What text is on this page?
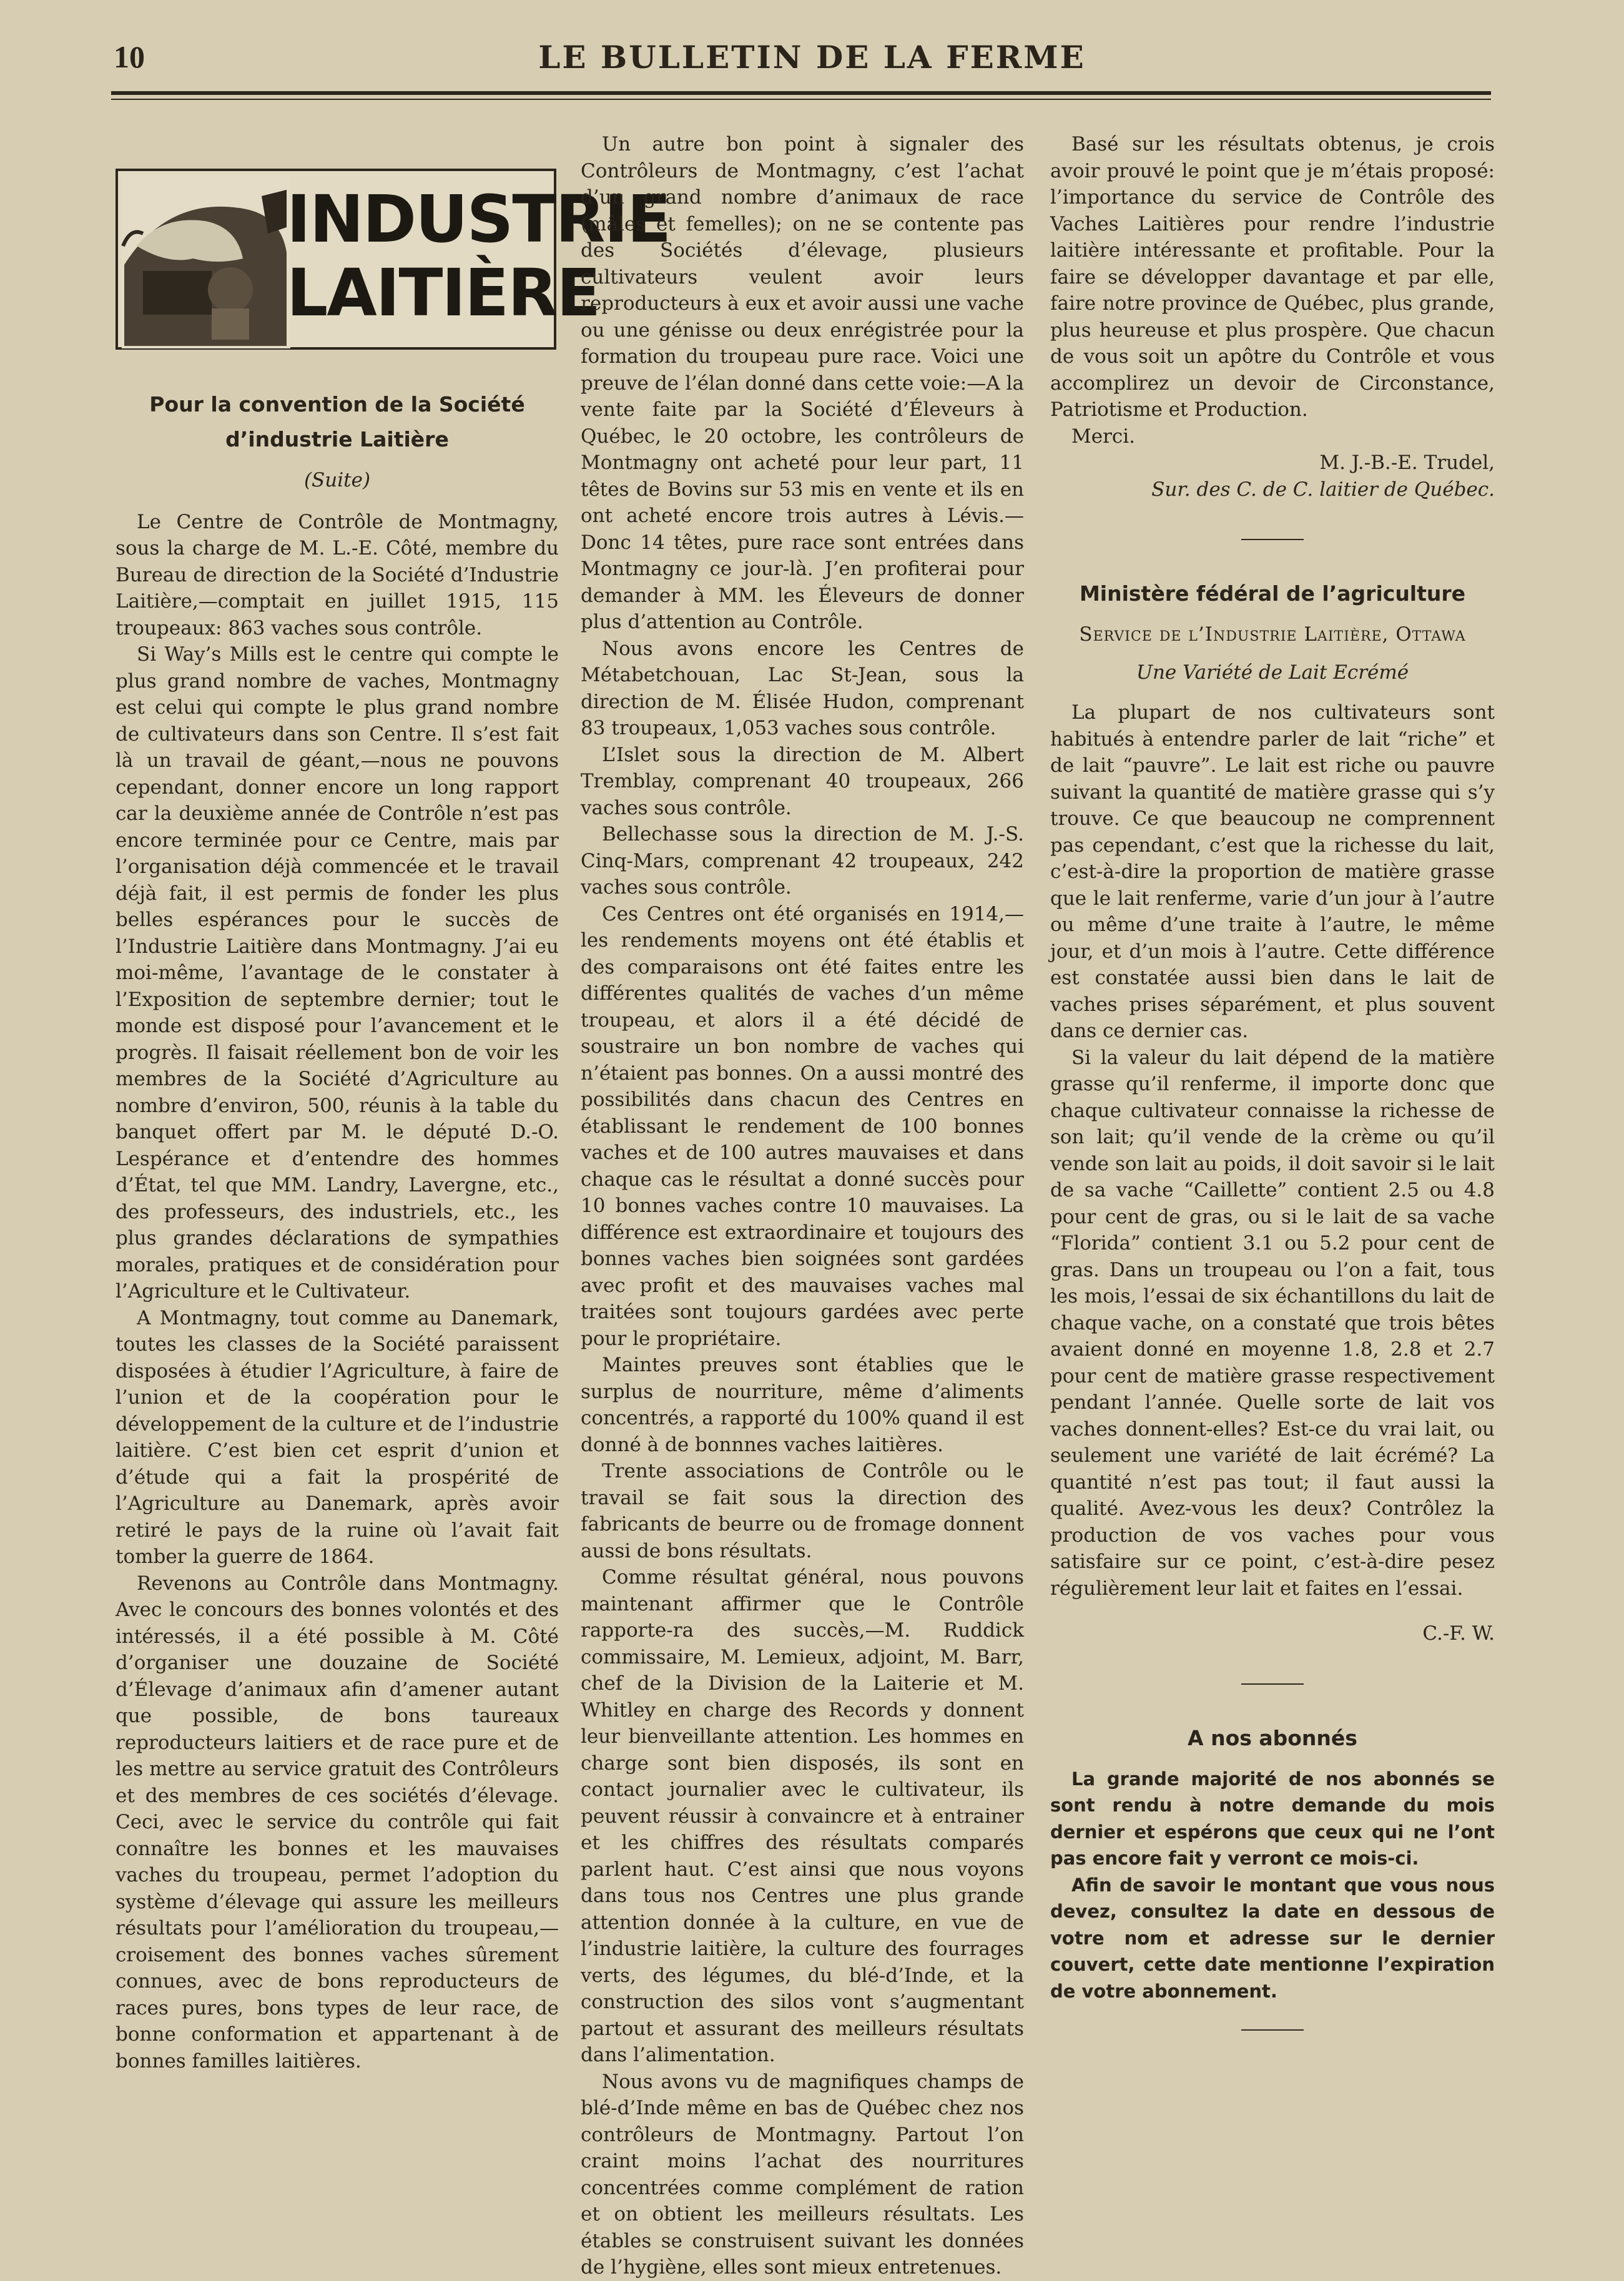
10	LE BULLETIN DE LA FERME
INDUSTRIE
LAITIÈRE
Pour la convention de la Société d’industrie Laitière
(Suite)

Le Centre de Contrôle de Montmagny, sous la charge de M. L.-E. Côté, membre du Bureau de direction de la Société d’Industrie Laitière,—comptait en juillet 1915, 115 troupeaux: 863 vaches sous contrôle.

Si Way’s Mills est le centre qui compte le plus grand nombre de vaches, Montmagny est celui qui compte le plus grand nombre de cultivateurs dans son Centre. Il s’est fait là un travail de géant,—nous ne pouvons cependant, donner encore un long rapport car la deuxième année de Contrôle n’est pas encore terminée pour ce Centre, mais par l’organisation déjà commencée et le travail déjà fait, il est permis de fonder les plus belles espérances pour le succès de l’Industrie Laitière dans Montmagny. J’ai eu moi-même, l’avantage de le constater à l’Exposition de septembre dernier; tout le monde est disposé pour l’avancement et le progrès. Il faisait réellement bon de voir les membres de la Société d’Agriculture au nombre d’environ, 500, réunis à la table du banquet offert par M. le député D.-O. Lespérance et d’entendre des hommes d’État, tel que MM. Landry, Lavergne, etc., des professeurs, des industriels, etc., les plus grandes déclarations de sympathies morales, pratiques et de considération pour l’Agriculture et le Cultivateur.

A Montmagny, tout comme au Danemark, toutes les classes de la Société paraissent disposées à étudier l’Agriculture, à faire de l’union et de la coopération pour le développement de la culture et de l’industrie laitière. C’est bien cet esprit d’union et d’étude qui a fait la prospérité de l’Agriculture au Danemark, après avoir retiré le pays de la ruine où l’avait fait tomber la guerre de 1864.

Revenons au Contrôle dans Montmagny. Avec le concours des bonnes volontés et des intéressés, il a été possible à M. Côté d’organiser une douzaine de Société d’Élevage d’animaux afin d’amener autant que possible, de bons taureaux reproducteurs laitiers et de race pure et de les mettre au service gratuit des Contrôleurs et des membres de ces sociétés d’élevage. Ceci, avec le service du contrôle qui fait connaître les bonnes et les mauvaises vaches du troupeau, permet l’adoption du système d’élevage qui assure les meilleurs résultats pour l’amélioration du troupeau,—croisement des bonnes vaches sûrement connues, avec de bons reproducteurs de races pures, bons types de leur race, de bonne conformation et appartenant à de bonnes familles laitières.

Un autre bon point à signaler des Contrôleurs de Montmagny, c’est l’achat d’un grand nombre d’animaux de race (mâles et femelles); on ne se contente pas des Sociétés d’élevage, plusieurs cultivateurs veulent avoir leurs reproducteurs à eux et avoir aussi une vache ou une génisse ou deux enrégistrée pour la formation du troupeau pure race. Voici une preuve de l’élan donné dans cette voie:—A la vente faite par la Société d’Éleveurs à Québec, le 20 octobre, les contrôleurs de Montmagny ont acheté pour leur part, 11 têtes de Bovins sur 53 mis en vente et ils en ont acheté encore trois autres à Lévis.—Donc 14 têtes, pure race sont entrées dans Montmagny ce jour-là. J’en profiterai pour demander à MM. les Éleveurs de donner plus d’attention au Contrôle.

Nous avons encore les Centres de Métabetchouan, Lac St-Jean, sous la direction de M. Élisée Hudon, comprenant 83 troupeaux, 1,053 vaches sous contrôle.

L’Islet sous la direction de M. Albert Tremblay, comprenant 40 troupeaux, 266 vaches sous contrôle.

Bellechasse sous la direction de M. J.-S. Cinq-Mars, comprenant 42 troupeaux, 242 vaches sous contrôle.

Ces Centres ont été organisés en 1914,—les rendements moyens ont été établis et des comparaisons ont été faites entre les différentes qualités de vaches d’un même troupeau, et alors il a été décidé de soustraire un bon nombre de vaches qui n’étaient pas bonnes. On a aussi montré des possibilités dans chacun des Centres en établissant le rendement de 100 bonnes vaches et de 100 autres mauvaises et dans chaque cas le résultat a donné succès pour 10 bonnes vaches contre 10 mauvaises. La différence est extraordinaire et toujours des bonnes vaches bien soignées sont gardées avec profit et des mauvaises vaches mal traitées sont toujours gardées avec perte pour le propriétaire.

Maintes preuves sont établies que le surplus de nourriture, même d’aliments concentrés, a rapporté du 100% quand il est donné à de bonnnes vaches laitières.

Trente associations de Contrôle ou le travail se fait sous la direction des fabricants de beurre ou de fromage donnent aussi de bons résultats.

Comme résultat général, nous pouvons maintenant affirmer que le Contrôle rapporte-ra des succès,—M. Ruddick commissaire, M. Lemieux, adjoint, M. Barr, chef de la Division de la Laiterie et M. Whitley en charge des Records y donnent leur bienveillante attention. Les hommes en charge sont bien disposés, ils sont en contact journalier avec le cultivateur, ils peuvent réussir à convaincre et à entrainer et les chiffres des résultats comparés parlent haut. C’est ainsi que nous voyons dans tous nos Centres une plus grande attention donnée à la culture, en vue de l’industrie laitière, la culture des fourrages verts, des légumes, du blé-d’Inde, et la construction des silos vont s’augmentant partout et assurant des meilleurs résultats dans l’alimentation.

Nous avons vu de magnifiques champs de blé-d’Inde même en bas de Québec chez nos contrôleurs de Montmagny. Partout l’on craint moins l’achat des nourritures concentrées comme complément de ration et on obtient les meilleurs résultats. Les étables se construisent suivant les données de l’hygiène, elles sont mieux entretenues.

Basé sur les résultats obtenus, je crois avoir prouvé le point que je m’étais proposé: l’importance du service de Contrôle des Vaches Laitières pour rendre l’industrie laitière intéressante et profitable. Pour la faire se développer davantage et par elle, faire notre province de Québec, plus grande, plus heureuse et plus prospère. Que chacun de vous soit un apôtre du Contrôle et vous accomplirez un devoir de Circonstance, Patriotisme et Production.

Merci.

M. J.-B.-E. Trudel,
Sur. des C. de C. laitier de Québec.
Ministère fédéral de l’agriculture
Service de l’Industrie Laitière, Ottawa
Une Variété de Lait Ecrémé

La plupart de nos cultivateurs sont habitués à entendre parler de lait “riche” et de lait “pauvre”. Le lait est riche ou pauvre suivant la quantité de matière grasse qui s’y trouve. Ce que beaucoup ne comprennent pas cependant, c’est que la richesse du lait, c’est-à-dire la proportion de matière grasse que le lait renferme, varie d’un jour à l’autre ou même d’une traite à l’autre, le même jour, et d’un mois à l’autre. Cette différence est constatée aussi bien dans le lait de vaches prises séparément, et plus souvent dans ce dernier cas.

Si la valeur du lait dépend de la matière grasse qu’il renferme, il importe donc que chaque cultivateur connaisse la richesse de son lait; qu’il vende de la crème ou qu’il vende son lait au poids, il doit savoir si le lait de sa vache “Caillette” contient 2.5 ou 4.8 pour cent de gras, ou si le lait de sa vache “Florida” contient 3.1 ou 5.2 pour cent de gras. Dans un troupeau ou l’on a fait, tous les mois, l’essai de six échantillons du lait de chaque vache, on a constaté que trois bêtes avaient donné en moyenne 1.8, 2.8 et 2.7 pour cent de matière grasse respectivement pendant l’année. Quelle sorte de lait vos vaches donnent-elles? Est-ce du vrai lait, ou seulement une variété de lait écrémé? La quantité n’est pas tout; il faut aussi la qualité. Avez-vous les deux? Contrôlez la production de vos vaches pour vous satisfaire sur ce point, c’est-à-dire pesez régulièrement leur lait et faites en l’essai.

C.-F. W.
A nos abonnés

La grande majorité de nos abonnés se sont rendu à notre demande du mois dernier et espérons que ceux qui ne l’ont pas encore fait y verront ce mois-ci.

Afin de savoir le montant que vous nous devez, consultez la date en dessous de votre nom et adresse sur le dernier couvert, cette date mentionne l’expiration de votre abonnement.
